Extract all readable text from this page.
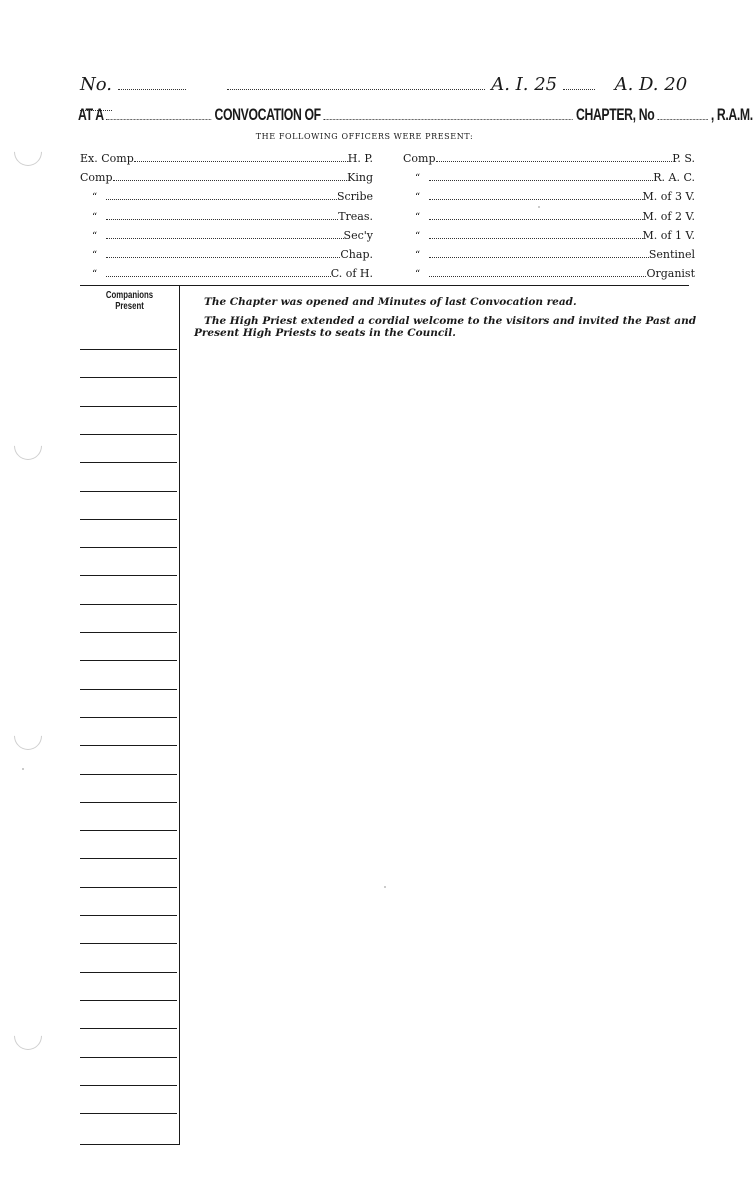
No.	A. I. 25	A. D. 20
AT A	CONVOCATION OF	CHAPTER, No	, R.A.M.
THE FOLLOWING OFFICERS WERE PRESENT:
Ex. Comp	H. P.
Comp	King
“	Scribe
“	Treas.
“	Sec'y
“	Chap.
“	C. of H.
Comp	P. S.
“	R. A. C.
“	M. of 3 V.
“	M. of 2 V.
“	M. of 1 V.
“	Sentinel
“	Organist
Companions Present	The Chapter was opened and Minutes of last Convocation read.
The High Priest extended a cordial welcome to the visitors and invited the Past and Present High Priests to seats in the Council.
